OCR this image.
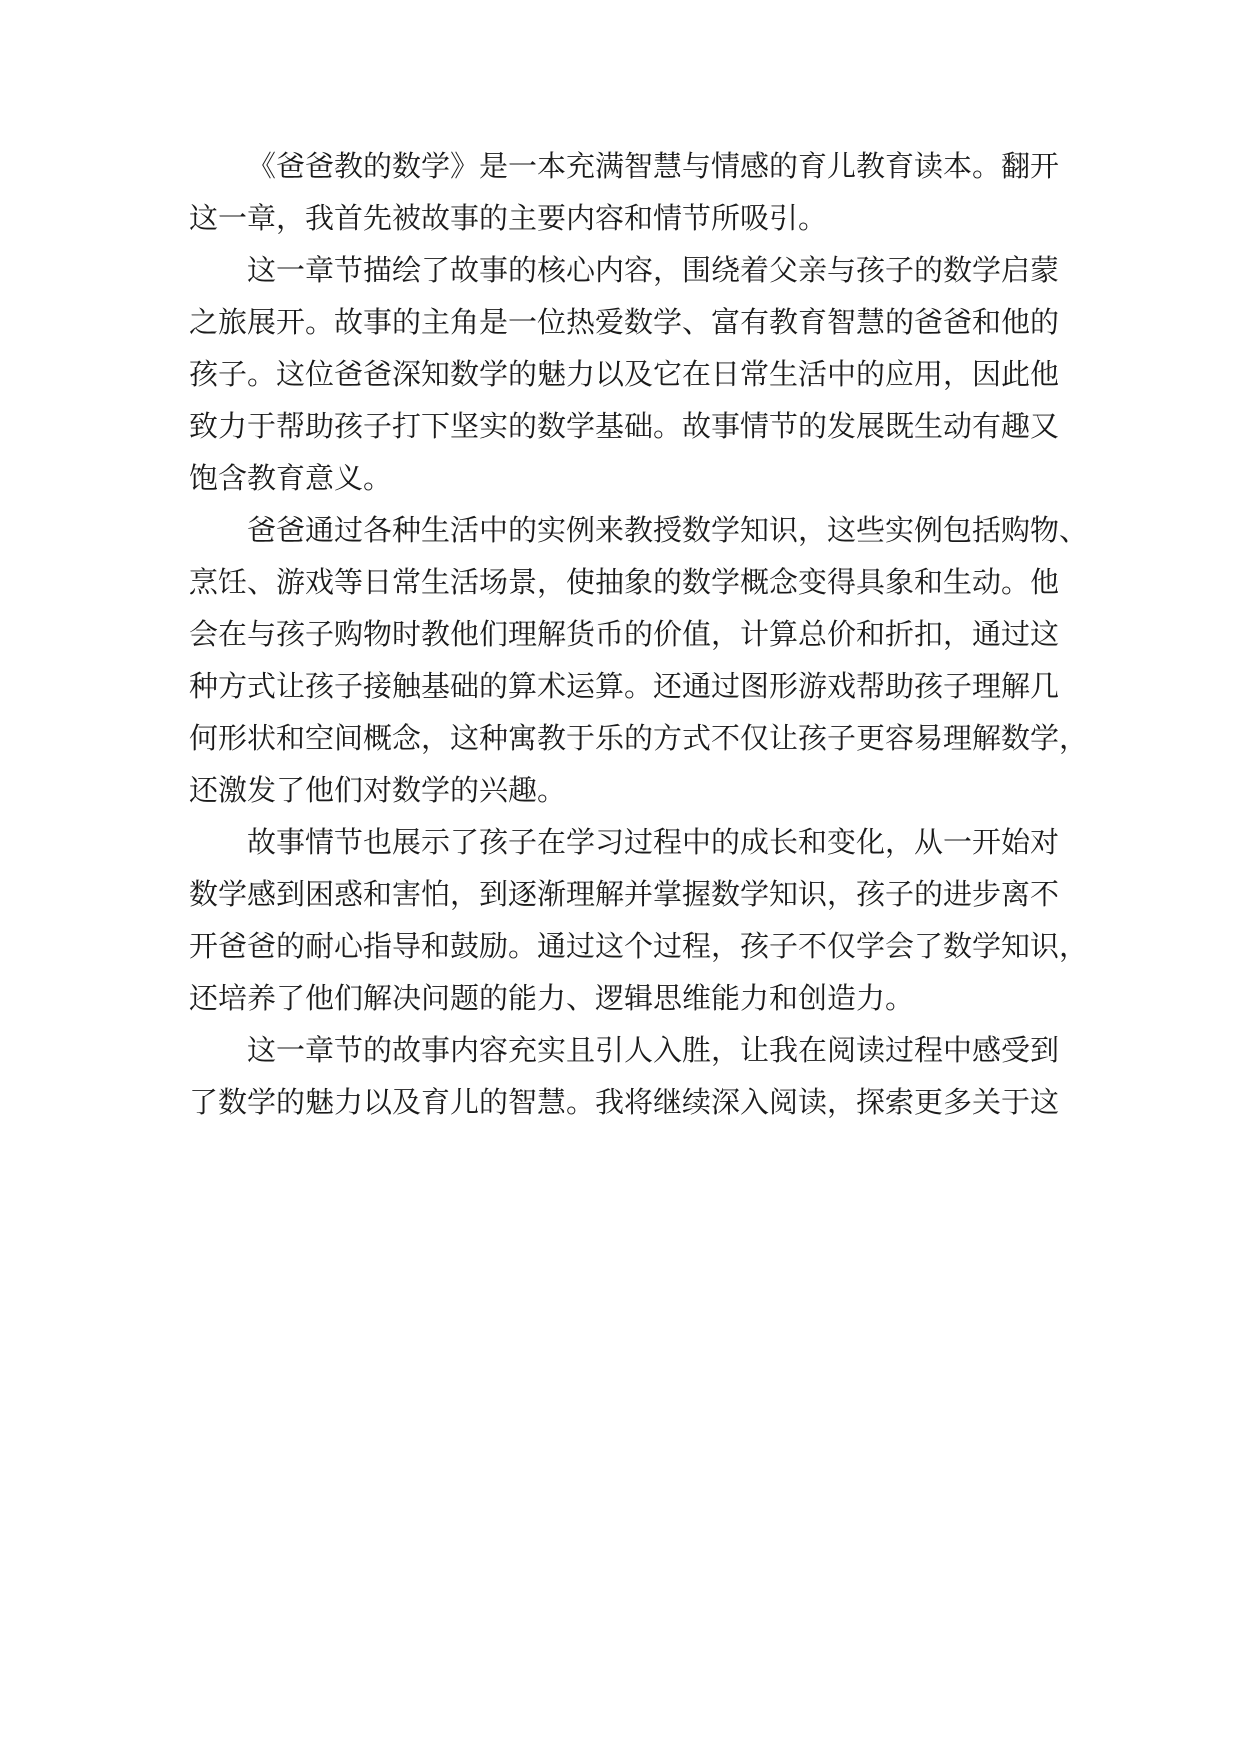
《爸爸教的数学》是一本充满智慧与情感的育儿教育读本。翻开
这一章，我首先被故事的主要内容和情节所吸引。
这一章节描绘了故事的核心内容，围绕着父亲与孩子的数学启蒙
之旅展开。故事的主角是一位热爱数学、富有教育智慧的爸爸和他的
孩子。这位爸爸深知数学的魅力以及它在日常生活中的应用，因此他
致力于帮助孩子打下坚实的数学基础。故事情节的发展既生动有趣又
饱含教育意义。
爸爸通过各种生活中的实例来教授数学知识，这些实例包括购物、
烹饪、游戏等日常生活场景，使抽象的数学概念变得具象和生动。他
会在与孩子购物时教他们理解货币的价值，计算总价和折扣，通过这
种方式让孩子接触基础的算术运算。还通过图形游戏帮助孩子理解几
何形状和空间概念，这种寓教于乐的方式不仅让孩子更容易理解数学，
还激发了他们对数学的兴趣。
故事情节也展示了孩子在学习过程中的成长和变化，从一开始对
数学感到困惑和害怕，到逐渐理解并掌握数学知识，孩子的进步离不
开爸爸的耐心指导和鼓励。通过这个过程，孩子不仅学会了数学知识，
还培养了他们解决问题的能力、逻辑思维能力和创造力。
这一章节的故事内容充实且引人入胜，让我在阅读过程中感受到
了数学的魅力以及育儿的智慧。我将继续深入阅读，探索更多关于这
